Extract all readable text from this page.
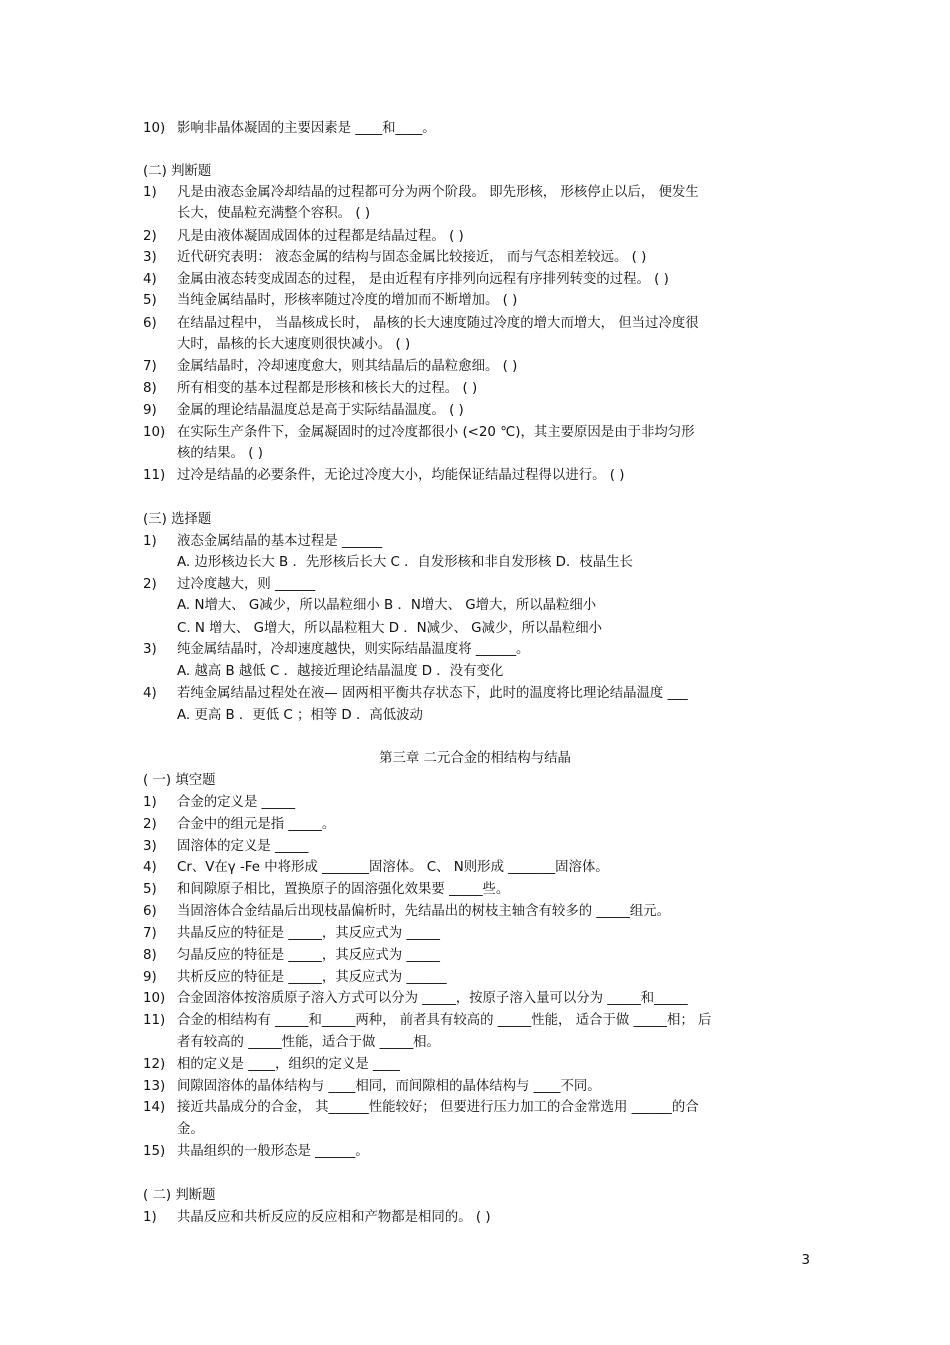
10) 影响非晶体凝固的主要因素是 ____和____。
(二) 判断题
1) 凡是由液态金属冷却结晶的过程都可分为两个阶段。 即先形核， 形核停止以后， 便发生
长大，使晶粒充满整个容积。 ( )
2) 凡是由液体凝固成固体的过程都是结晶过程。 ( )
3) 近代研究表明： 液态金属的结构与固态金属比较接近， 而与气态相差较远。 ( )
4) 金属由液态转变成固态的过程， 是由近程有序排列向远程有序排列转变的过程。 ( )
5) 当纯金属结晶时，形核率随过冷度的增加而不断增加。 ( )
6) 在结晶过程中， 当晶核成长时， 晶核的长大速度随过冷度的增大而增大， 但当过冷度很
大时，晶核的长大速度则很快减小。 ( )
7) 金属结晶时，冷却速度愈大，则其结晶后的晶粒愈细。 ( )
8) 所有相变的基本过程都是形核和核长大的过程。 ( )
9) 金属的理论结晶温度总是高于实际结晶温度。 ( )
10) 在实际生产条件下，金属凝固时的过冷度都很小 (<20 ℃)，其主要原因是由于非均匀形
核的结果。 ( )
11) 过冷是结晶的必要条件，无论过冷度大小，均能保证结晶过程得以进行。 ( )
(三) 选择题
1) 液态金属结晶的基本过程是 ______
A. 边形核边长大 B ．先形核后长大 C ．自发形核和非自发形核 D．枝晶生长
2) 过冷度越大，则 ______
A. N增大、 G减少，所以晶粒细小 B ．N增大、 G增大，所以晶粒细小
C. N 增大、 G增大，所以晶粒粗大 D ．N减少、 G减少，所以晶粒细小
3) 纯金属结晶时，冷却速度越快，则实际结晶温度将 ______。
A. 越高 B 越低 C ．越接近理论结晶温度 D ．没有变化
4) 若纯金属结晶过程处在液— 固两相平衡共存状态下，此时的温度将比理论结晶温度 ___
A. 更高 B ．更低 C ；相等 D ．高低波动
( 一) 填空题
1) 合金的定义是 _____
2) 合金中的组元是指 _____。
3) 固溶体的定义是 _____
4) Cr、V在γ -Fe 中将形成 _______固溶体。 C、 N则形成 _______固溶体。
5) 和间隙原子相比，置换原子的固溶强化效果要 _____些。
6) 当固溶体合金结晶后出现枝晶偏析时，先结晶出的树枝主轴含有较多的 _____组元。
7) 共晶反应的特征是 _____，其反应式为 _____
8) 匀晶反应的特征是 _____，其反应式为 _____
9) 共析反应的特征是 _____，其反应式为 ______
10) 合金固溶体按溶质原子溶入方式可以分为 _____，按原子溶入量可以分为 _____和_____
11) 合金的相结构有 _____和_____两种， 前者具有较高的 _____性能， 适合于做 _____相； 后
者有较高的 _____性能，适合于做 _____相。
12) 相的定义是 ____，组织的定义是 ____
13) 间隙固溶体的晶体结构与 ____相同，而间隙相的晶体结构与 ____不同。
14) 接近共晶成分的合金， 其______性能较好； 但要进行压力加工的合金常选用 ______的合
金。
15) 共晶组织的一般形态是 ______。
( 二) 判断题
1) 共晶反应和共析反应的反应相和产物都是相同的。 ( )
第三章 二元合金的相结构与结晶
3
